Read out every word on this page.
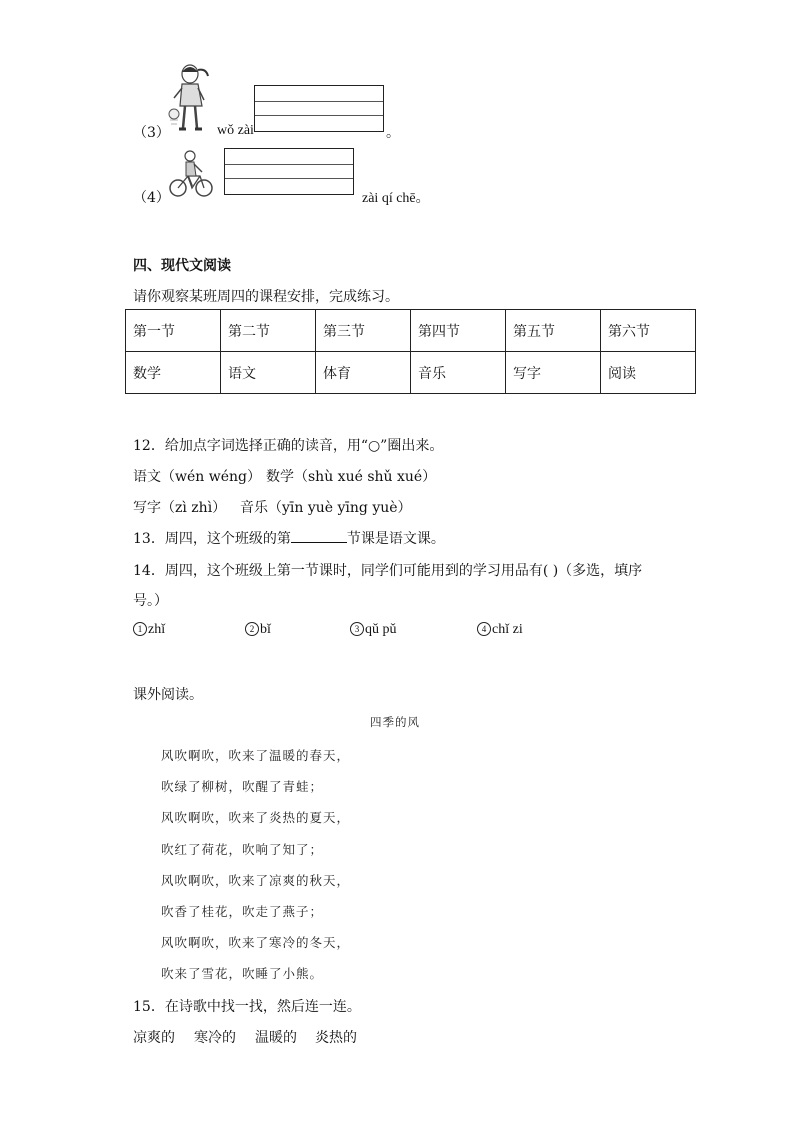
（3）	wǒ zài	。
（4）	zài qí chē。
四、现代文阅读
请你观察某班周四的课程安排，完成练习。
第一节	第二节	第三节	第四节	第五节	第六节
数学	语文	体育	音乐	写字	阅读
12．给加点字词选择正确的读音，用“○”圈出来。
语文（wén wéng） 数学（shù xué shǔ xué）
写字（zì zhì） 音乐（yīn yuè yīng yuè）
13．周四，这个班级的第	节课是语文课。
14．周四，这个班级上第一节课时，同学们可能用到的学习用品有( )（多选，填序
号。）
1 zhǐ	2 bǐ	3 qǔ pǔ	4 chǐ zi
课外阅读。
四季的风
风吹啊吹，吹来了温暖的春天，
吹绿了柳树，吹醒了青蛙；
风吹啊吹，吹来了炎热的夏天，
吹红了荷花，吹响了知了；
风吹啊吹，吹来了凉爽的秋天，
吹香了桂花，吹走了燕子；
风吹啊吹，吹来了寒冷的冬天，
吹来了雪花，吹睡了小熊。
15．在诗歌中找一找，然后连一连。
凉爽的 寒冷的 温暖的 炎热的
